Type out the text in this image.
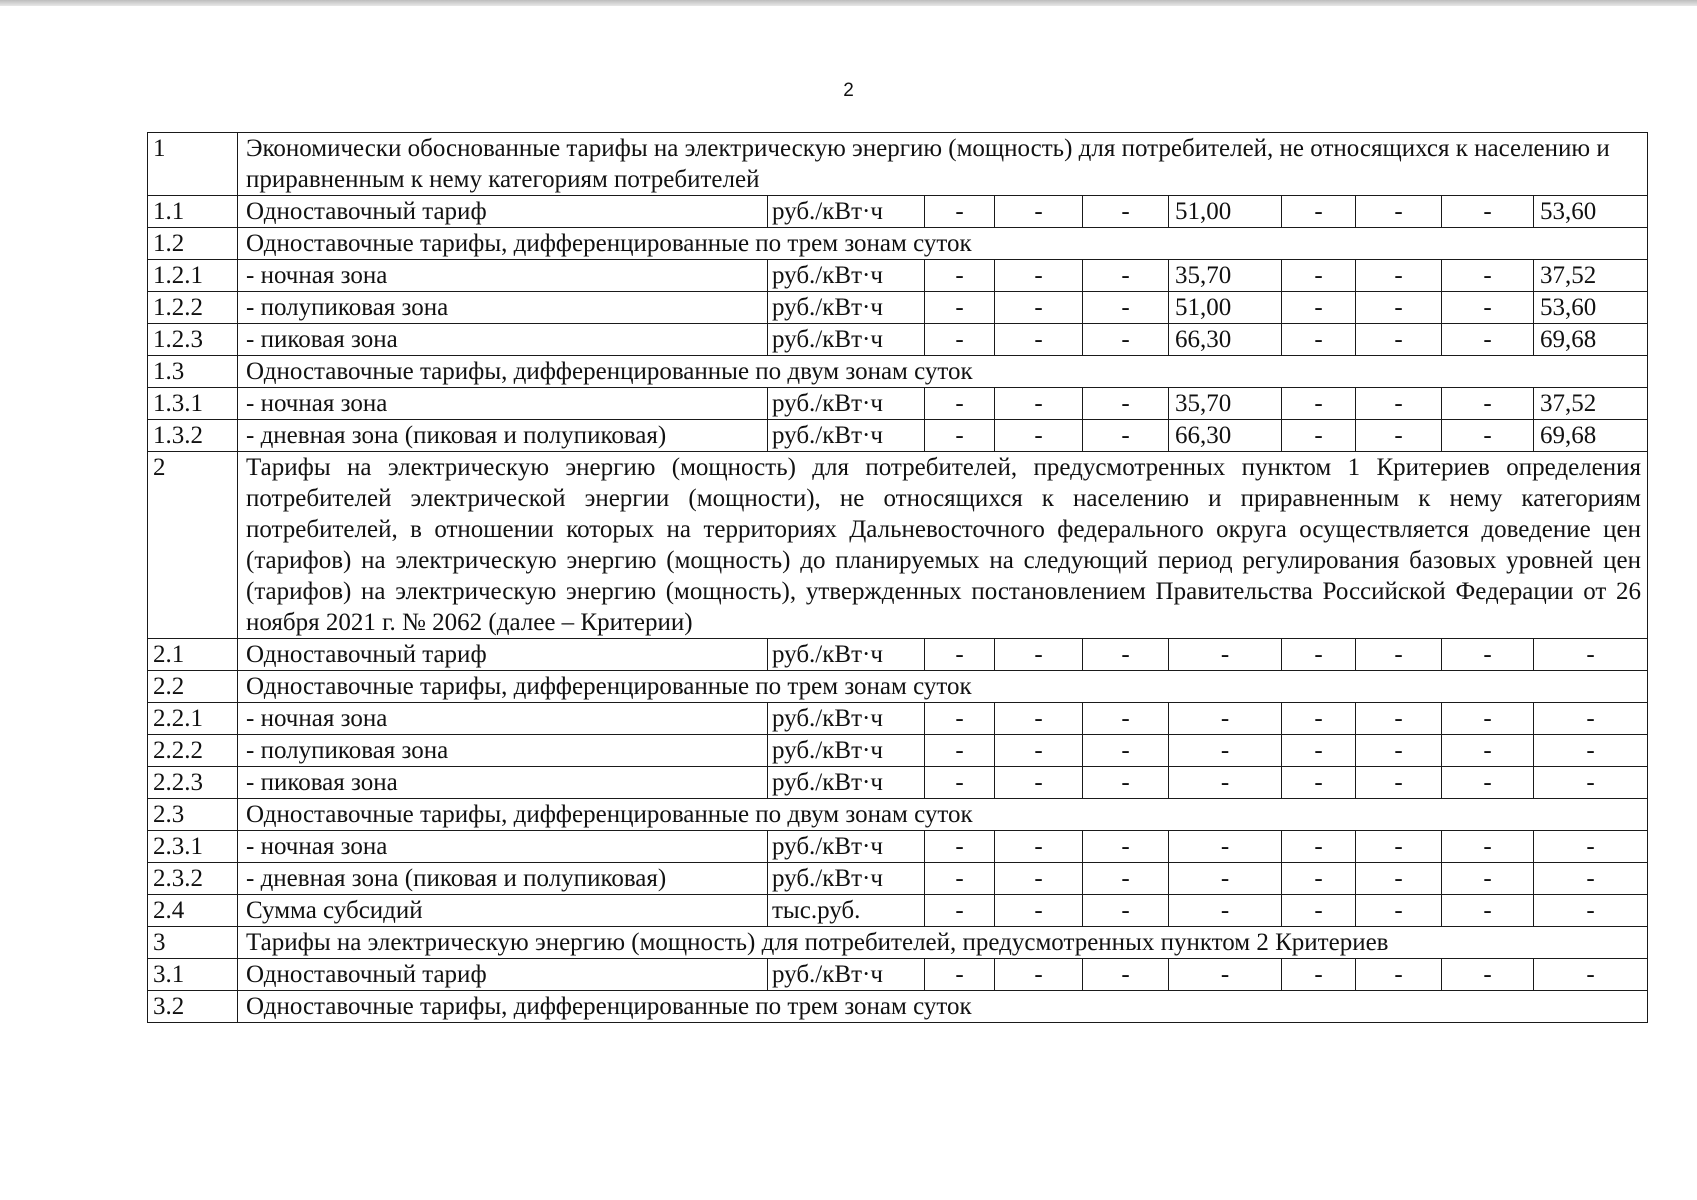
2
1	Экономически обоснованные тарифы на электрическую энергию (мощность) для потребителей, не относящихся к населению и приравненным к нему категориям потребителей									
1.1	Одноставочный тариф	руб./кВт·ч	-	-	-	51,00	-	-	-	53,60
1.2	Одноставочные тарифы, дифференцированные по трем зонам суток									
1.2.1	- ночная зона	руб./кВт·ч	-	-	-	35,70	-	-	-	37,52
1.2.2	- полупиковая зона	руб./кВт·ч	-	-	-	51,00	-	-	-	53,60
1.2.3	- пиковая зона	руб./кВт·ч	-	-	-	66,30	-	-	-	69,68
1.3	Одноставочные тарифы, дифференцированные по двум зонам суток									
1.3.1	- ночная зона	руб./кВт·ч	-	-	-	35,70	-	-	-	37,52
1.3.2	- дневная зона (пиковая и полупиковая)	руб./кВт·ч	-	-	-	66,30	-	-	-	69,68
2	Тарифы на электрическую энергию (мощность) для потребителей, предусмотренных пунктом 1 Критериев определения потребителей электрической энергии (мощности), не относящихся к населению и приравненным к нему категориям потребителей, в отношении которых на территориях Дальневосточного федерального округа осуществляется доведение цен (тарифов) на электрическую энергию (мощность) до планируемых на следующий период регулирования базовых уровней цен (тарифов) на электрическую энергию (мощность), утвержденных постановлением Правительства Российской Федерации от 26 ноября 2021 г. № 2062 (далее – Критерии)									
2.1	Одноставочный тариф	руб./кВт·ч	-	-	-	-	-	-	-	-
2.2	Одноставочные тарифы, дифференцированные по трем зонам суток									
2.2.1	- ночная зона	руб./кВт·ч	-	-	-	-	-	-	-	-
2.2.2	- полупиковая зона	руб./кВт·ч	-	-	-	-	-	-	-	-
2.2.3	- пиковая зона	руб./кВт·ч	-	-	-	-	-	-	-	-
2.3	Одноставочные тарифы, дифференцированные по двум зонам суток									
2.3.1	- ночная зона	руб./кВт·ч	-	-	-	-	-	-	-	-
2.3.2	- дневная зона (пиковая и полупиковая)	руб./кВт·ч	-	-	-	-	-	-	-	-
2.4	Сумма субсидий	тыс.руб.	-	-	-	-	-	-	-	-
3	Тарифы на электрическую энергию (мощность) для потребителей, предусмотренных пунктом 2 Критериев									
3.1	Одноставочный тариф	руб./кВт·ч	-	-	-	-	-	-	-	-
3.2	Одноставочные тарифы, дифференцированные по трем зонам суток									
